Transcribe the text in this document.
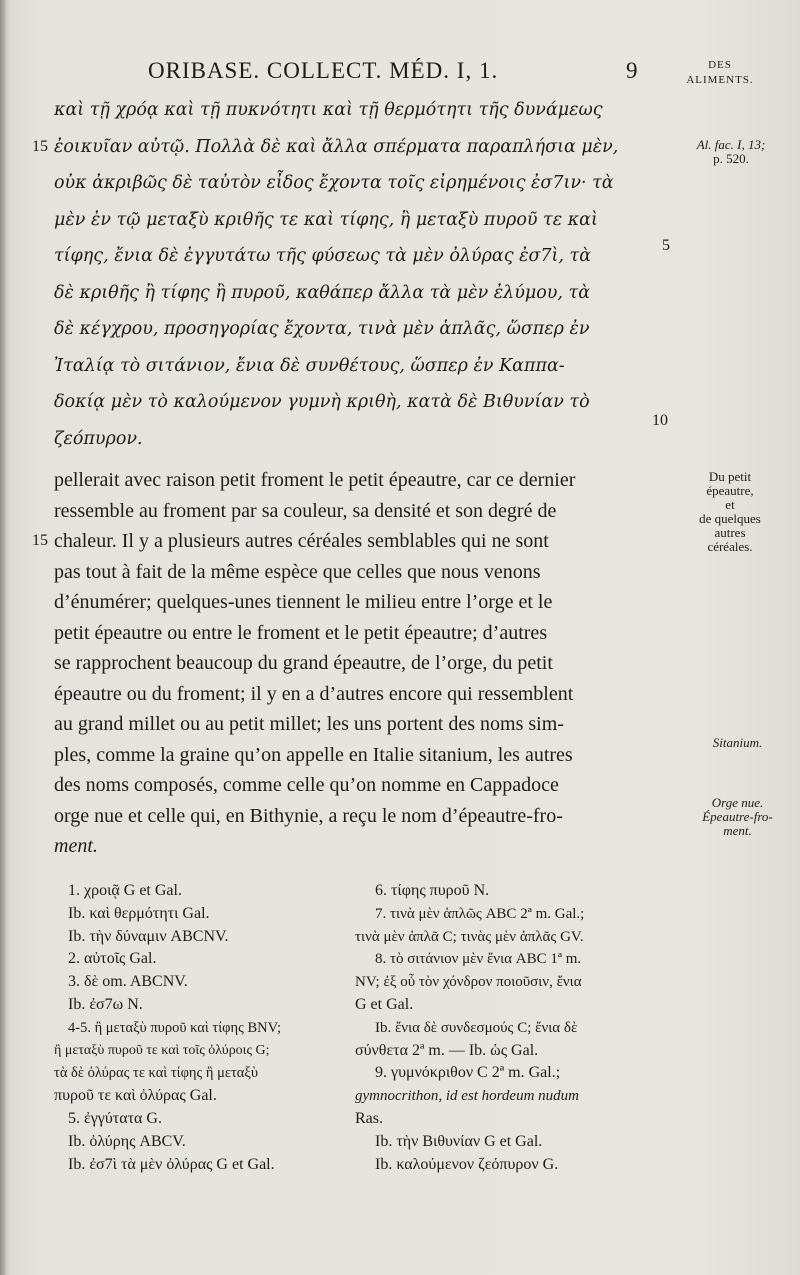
ORIBASE. COLLECT. MÉD. I, 1.	9	DES
ALIMENTS.
καὶ τῇ χρόᾳ καὶ τῇ πυκνότητι καὶ τῇ θερμότητι τῆς δυνάμεως
ἐοικυῖαν αὐτῷ. Πολλὰ δὲ καὶ ἄλλα σπέρματα παραπλήσια μὲν,
οὐκ ἀκριβῶς δὲ ταὐτὸν εἶδος ἔχοντα τοῖς εἰρημένοις ἐσ7ιν· τὰ
μὲν ἐν τῷ μεταξὺ κριθῆς τε καὶ τίφης, ἢ μεταξὺ πυροῦ τε καὶ
τίφης, ἔνια δὲ ἐγγυτάτω τῆς φύσεως τὰ μὲν ὀλύρας ἐσ7ὶ, τὰ
δὲ κριθῆς ἢ τίφης ἢ πυροῦ, καθάπερ ἄλλα τὰ μὲν ἐλύμου, τὰ
δὲ κέγχρου, προσηγορίας ἔχοντα, τινὰ μὲν ἁπλᾶς, ὥσπερ ἐν
Ἰταλίᾳ τὸ σιτάνιον, ἔνια δὲ συνθέτους, ὥσπερ ἐν Καππα-
δοκίᾳ μὲν τὸ καλούμενον γυμνὴ κριθὴ, κατὰ δὲ Βιθυνίαν τὸ
ζεόπυρον.
15
5
10
Al. fac. I, 13;
p. 520.
pellerait avec raison petit froment le petit épeautre, car ce dernier
ressemble au froment par sa couleur, sa densité et son degré de
chaleur. Il y a plusieurs autres céréales semblables qui ne sont
pas tout à fait de la même espèce que celles que nous venons
d’énumérer; quelques-unes tiennent le milieu entre l’orge et le
petit épeautre ou entre le froment et le petit épeautre; d’autres
se rapprochent beaucoup du grand épeautre, de l’orge, du petit
épeautre ou du froment; il y en a d’autres encore qui ressemblent
au grand millet ou au petit millet; les uns portent des noms sim-
ples, comme la graine qu’on appelle en Italie sitanium, les autres
des noms composés, comme celle qu’on nomme en Cappadoce
orge nue et celle qui, en Bithynie, a reçu le nom d’épeautre-fro-
ment.
15
Du petit
épeautre,
et
de quelques
autres
céréales.
Sitanium.
Orge nue.
Épeautre-fro-
ment.
1. χροιᾷ G et Gal.
Ib. καὶ θερμότητι Gal.
Ib. τὴν δύναμιν ABCNV.
2. αὐτοῖς Gal.
3. δὲ om. ABCNV.
Ib. ἐσ7ω N.
4-5. ἢ μεταξὺ πυροῦ καὶ τίφης BNV;
ἢ μεταξὺ πυροῦ τε καὶ τοῖς ὀλύροις G;
τὰ δὲ ὀλύρας τε καὶ τίφης ἢ μεταξὺ
πυροῦ τε καὶ ὀλύρας Gal.
5. ἐγγύτατα G.
Ib. ὀλύρης ABCV.
Ib. ἐσ7ὶ τὰ μὲν ὀλύρας G et Gal.
6. τίφης πυροῦ N.
7. τινὰ μὲν ἁπλῶς ABC 2ª m. Gal.;
τινὰ μὲν ἁπλᾶ C; τινὰς μὲν ἁπλᾶς GV.
8. τὸ σιτάνιον μὲν ἔνια ABC 1ª m.
NV; ἐξ οὗ τὸν χόνδρον ποιοῦσιν, ἔνια
G et Gal.
Ib. ἔνια δὲ συνδεσμούς C; ἔνια δὲ
σύνθετα 2ª m. — Ib. ὡς Gal.
9. γυμνόκριθον C 2ª m. Gal.;
gymnocrithon, id est hordeum nudum
Ras.
Ib. τὴν Βιθυνίαν G et Gal.
Ib. καλούμενον ζεόπυρον G.
